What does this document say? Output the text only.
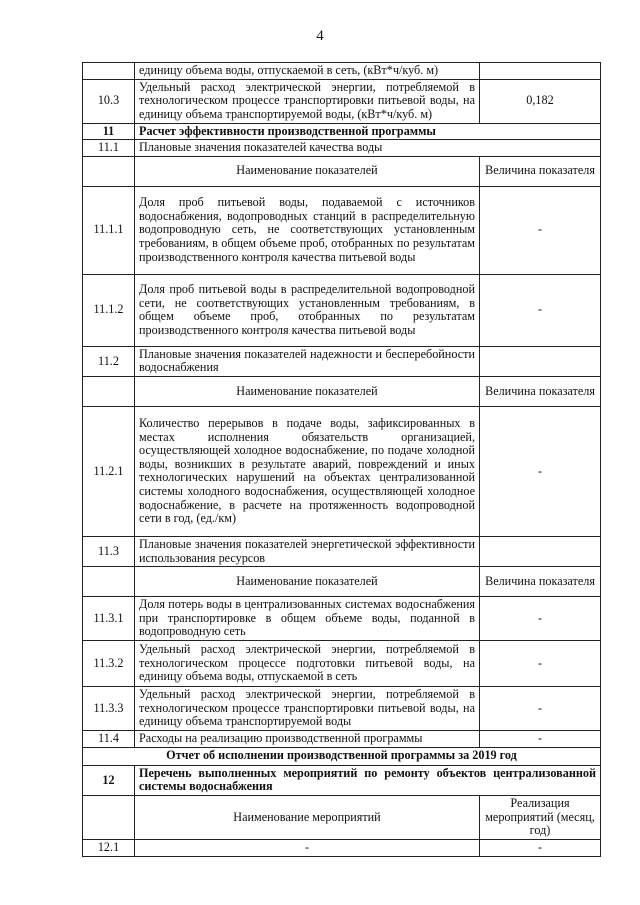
4
	единицу объема воды, отпускаемой в сеть, (кВт*ч/куб. м)	
10.3	Удельный расход электрической энергии, потребляемой в технологическом процессе транспортировки питьевой воды, на единицу объема транспортируемой воды, (кВт*ч/куб. м)	0,182
11	Расчет эффективности производственной программы	
11.1	Плановые значения показателей качества воды	
	Наименование показателей	Величина показателя
11.1.1	Доля проб питьевой воды, подаваемой с источников водоснабжения, водопроводных станций в распределительную водопроводную сеть, не соответствующих установленным требованиям, в общем объеме проб, отобранных по результатам производственного контроля качества питьевой воды	-
11.1.2	Доля проб питьевой воды в распределительной водопроводной сети, не соответствующих установленным требованиям, в общем объеме проб, отобранных по результатам производственного контроля качества питьевой воды	-
11.2	Плановые значения показателей надежности и бесперебойности водоснабжения	
	Наименование показателей	Величина показателя
11.2.1	Количество перерывов в подаче воды, зафиксированных в местах исполнения обязательств организацией, осуществляющей холодное водоснабжение, по подаче холодной воды, возникших в результате аварий, повреждений и иных технологических нарушений на объектах централизованной системы холодного водоснабжения, осуществляющей холодное водоснабжение, в расчете на протяженность водопроводной сети в год, (ед./км)	-
11.3	Плановые значения показателей энергетической эффективности использования ресурсов	
	Наименование показателей	Величина показателя
11.3.1	Доля потерь воды в централизованных системах водоснабжения при транспортировке в общем объеме воды, поданной в водопроводную сеть	-
11.3.2	Удельный расход электрической энергии, потребляемой в технологическом процессе подготовки питьевой воды, на единицу объема воды, отпускаемой в сеть	-
11.3.3	Удельный расход электрической энергии, потребляемой в технологическом процессе транспортировки питьевой воды, на единицу объема транспортируемой воды	-
11.4	Расходы на реализацию производственной программы	-
Отчет об исполнении производственной программы за 2019 год		
12	Перечень выполненных мероприятий по ремонту объектов централизованной системы водоснабжения	
	Наименование мероприятий	Реализация мероприятий (месяц, год)
12.1	-	-
